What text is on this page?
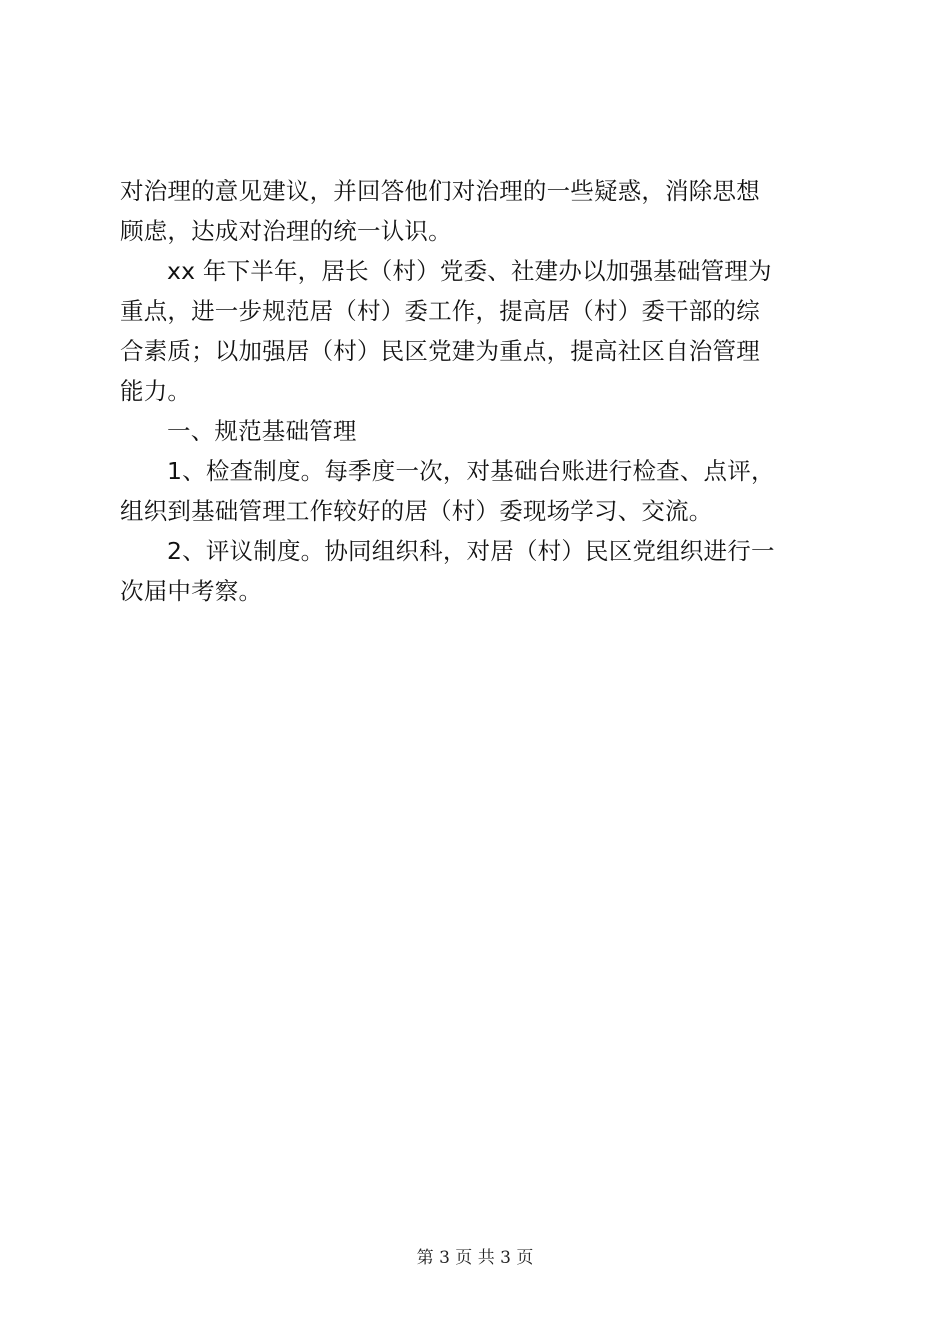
对治理的意见建议，并回答他们对治理的一些疑惑，消除思想
顾虑，达成对治理的统一认识。
xx 年下半年，居长（村）党委、社建办以加强基础管理为
重点，进一步规范居（村）委工作，提高居（村）委干部的综
合素质；以加强居（村）民区党建为重点，提高社区自治管理
能力。
一、规范基础管理
1、检查制度。每季度一次，对基础台账进行检查、点评，
组织到基础管理工作较好的居（村）委现场学习、交流。
2、评议制度。协同组织科，对居（村）民区党组织进行一
次届中考察。
第 3 页 共 3 页
